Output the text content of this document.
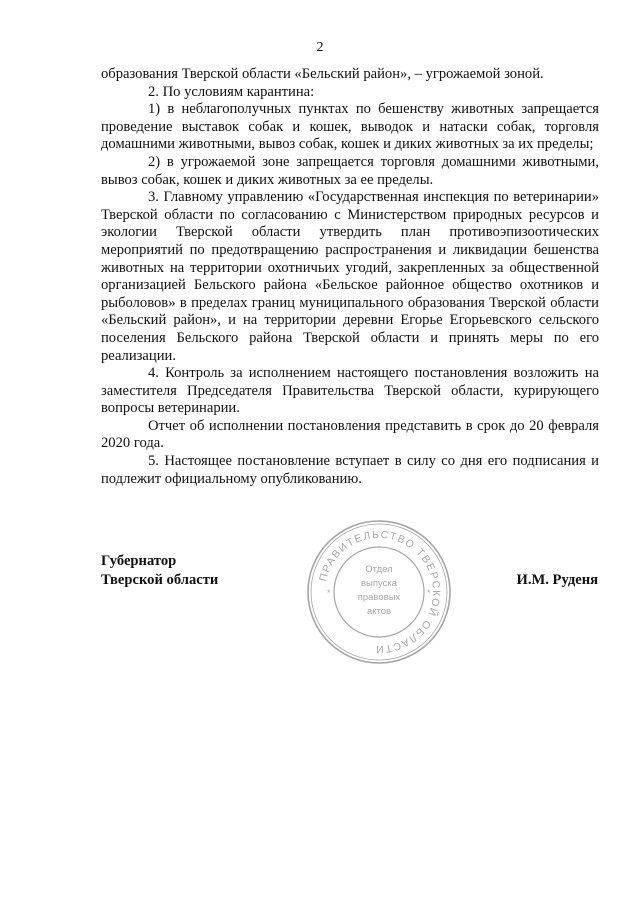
2

образования Тверской области «Бельский район», – угрожаемой зоной.

2. По условиям карантина:

1) в неблагополучных пунктах по бешенству животных запрещается проведение выставок собак и кошек, выводок и натаски собак, торговля домашними животными, вывоз собак, кошек и диких животных за их пределы;

2) в угрожаемой зоне запрещается торговля домашними животными, вывоз собак, кошек и диких животных за ее пределы.

3. Главному управлению «Государственная инспекция по ветеринарии» Тверской области по согласованию с Министерством природных ресурсов и экологии Тверской области утвердить план противоэпизоотических мероприятий по предотвращению распространения и ликвидации бешенства животных на территории охотничьих угодий, закрепленных за общественной организацией Бельского района «Бельское районное общество охотников и рыболовов» в пределах границ муниципального образования Тверской области «Бельский район», и на территории деревни Егорье Егорьевского сельского поселения Бельского района Тверской области и принять меры по его реализации.

4. Контроль за исполнением настоящего постановления возложить на заместителя Председателя Правительства Тверской области, курирующего вопросы ветеринарии.

Отчет об исполнении постановления представить в срок до 20 февраля 2020 года.

5. Настоящее постановление вступает в силу со дня его подписания и подлежит официальному опубликованию.

Губернатор
Тверской области	И.М. Руденя
ПРАВИТЕЛЬСТВО ТВЕРСКОЙ ОБЛАСТИ
*	*
Отдел
выпуска
правовых
актов
